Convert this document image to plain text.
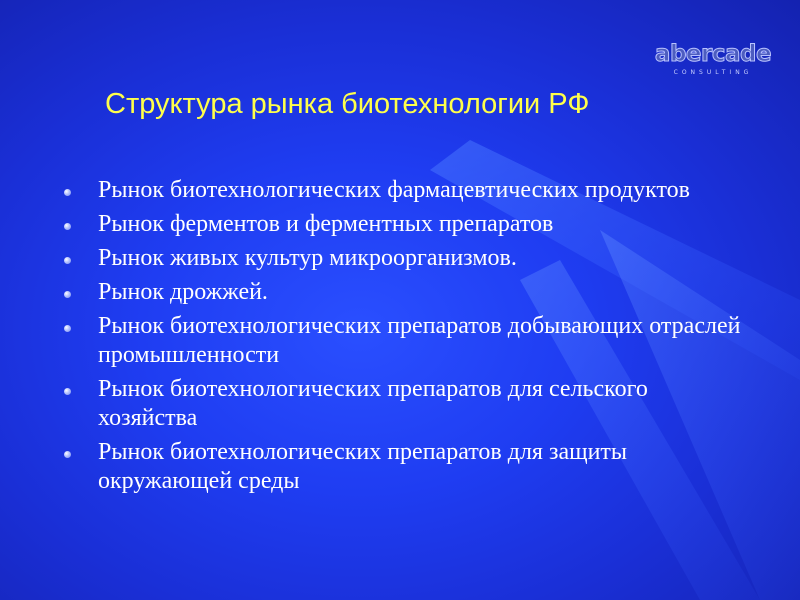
abercade
CONSULTING
Структура рынка биотехнологии РФ
Рынок биотехнологических фармацевтических продуктов
Рынок ферментов и ферментных препаратов
Рынок живых культур микроорганизмов.
Рынок дрожжей.
Рынок биотехнологических препаратов добывающих отраслей промышленности
Рынок биотехнологических препаратов для сельского хозяйства
Рынок биотехнологических препаратов для защиты окружающей среды
